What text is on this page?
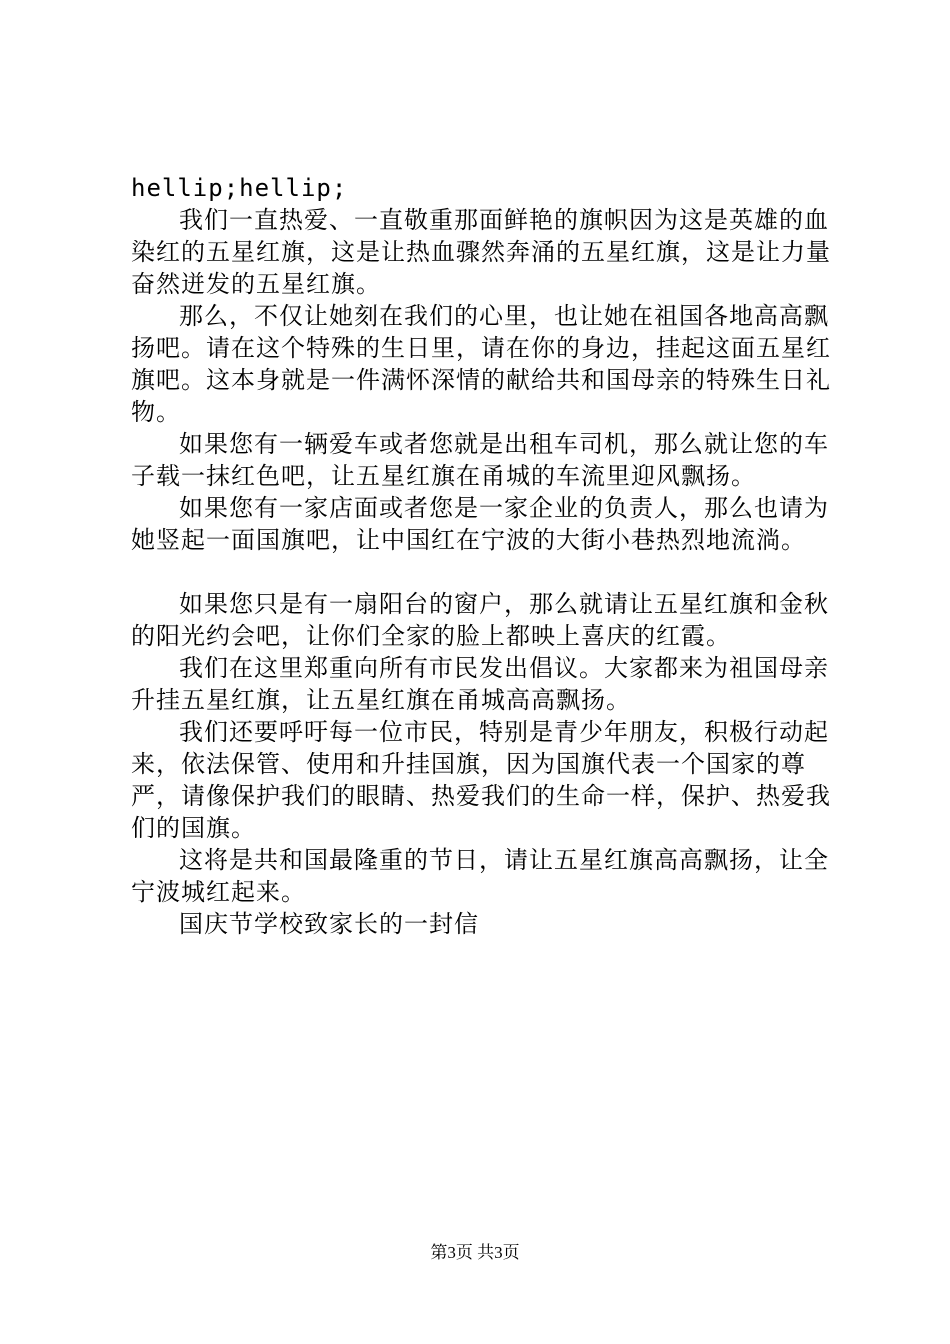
hellip;hellip;

我们一直热爱、一直敬重那面鲜艳的旗帜因为这是英雄的血染红的五星红旗，这是让热血骤然奔涌的五星红旗，这是让力量奋然迸发的五星红旗。

那么，不仅让她刻在我们的心里，也让她在祖国各地高高飘扬吧。请在这个特殊的生日里，请在你的身边，挂起这面五星红旗吧。这本身就是一件满怀深情的献给共和国母亲的特殊生日礼物。

如果您有一辆爱车或者您就是出租车司机，那么就让您的车子载一抹红色吧，让五星红旗在甬城的车流里迎风飘扬。

如果您有一家店面或者您是一家企业的负责人，那么也请为她竖起一面国旗吧，让中国红在宁波的大街小巷热烈地流淌。

如果您只是有一扇阳台的窗户，那么就请让五星红旗和金秋的阳光约会吧，让你们全家的脸上都映上喜庆的红霞。

我们在这里郑重向所有市民发出倡议。大家都来为祖国母亲升挂五星红旗，让五星红旗在甬城高高飘扬。

我们还要呼吁每一位市民，特别是青少年朋友，积极行动起来，依法保管、使用和升挂国旗，因为国旗代表一个国家的尊严，请像保护我们的眼睛、热爱我们的生命一样，保护、热爱我们的国旗。

这将是共和国最隆重的节日，请让五星红旗高高飘扬，让全宁波城红起来。

国庆节学校致家长的一封信

第3页 共3页
